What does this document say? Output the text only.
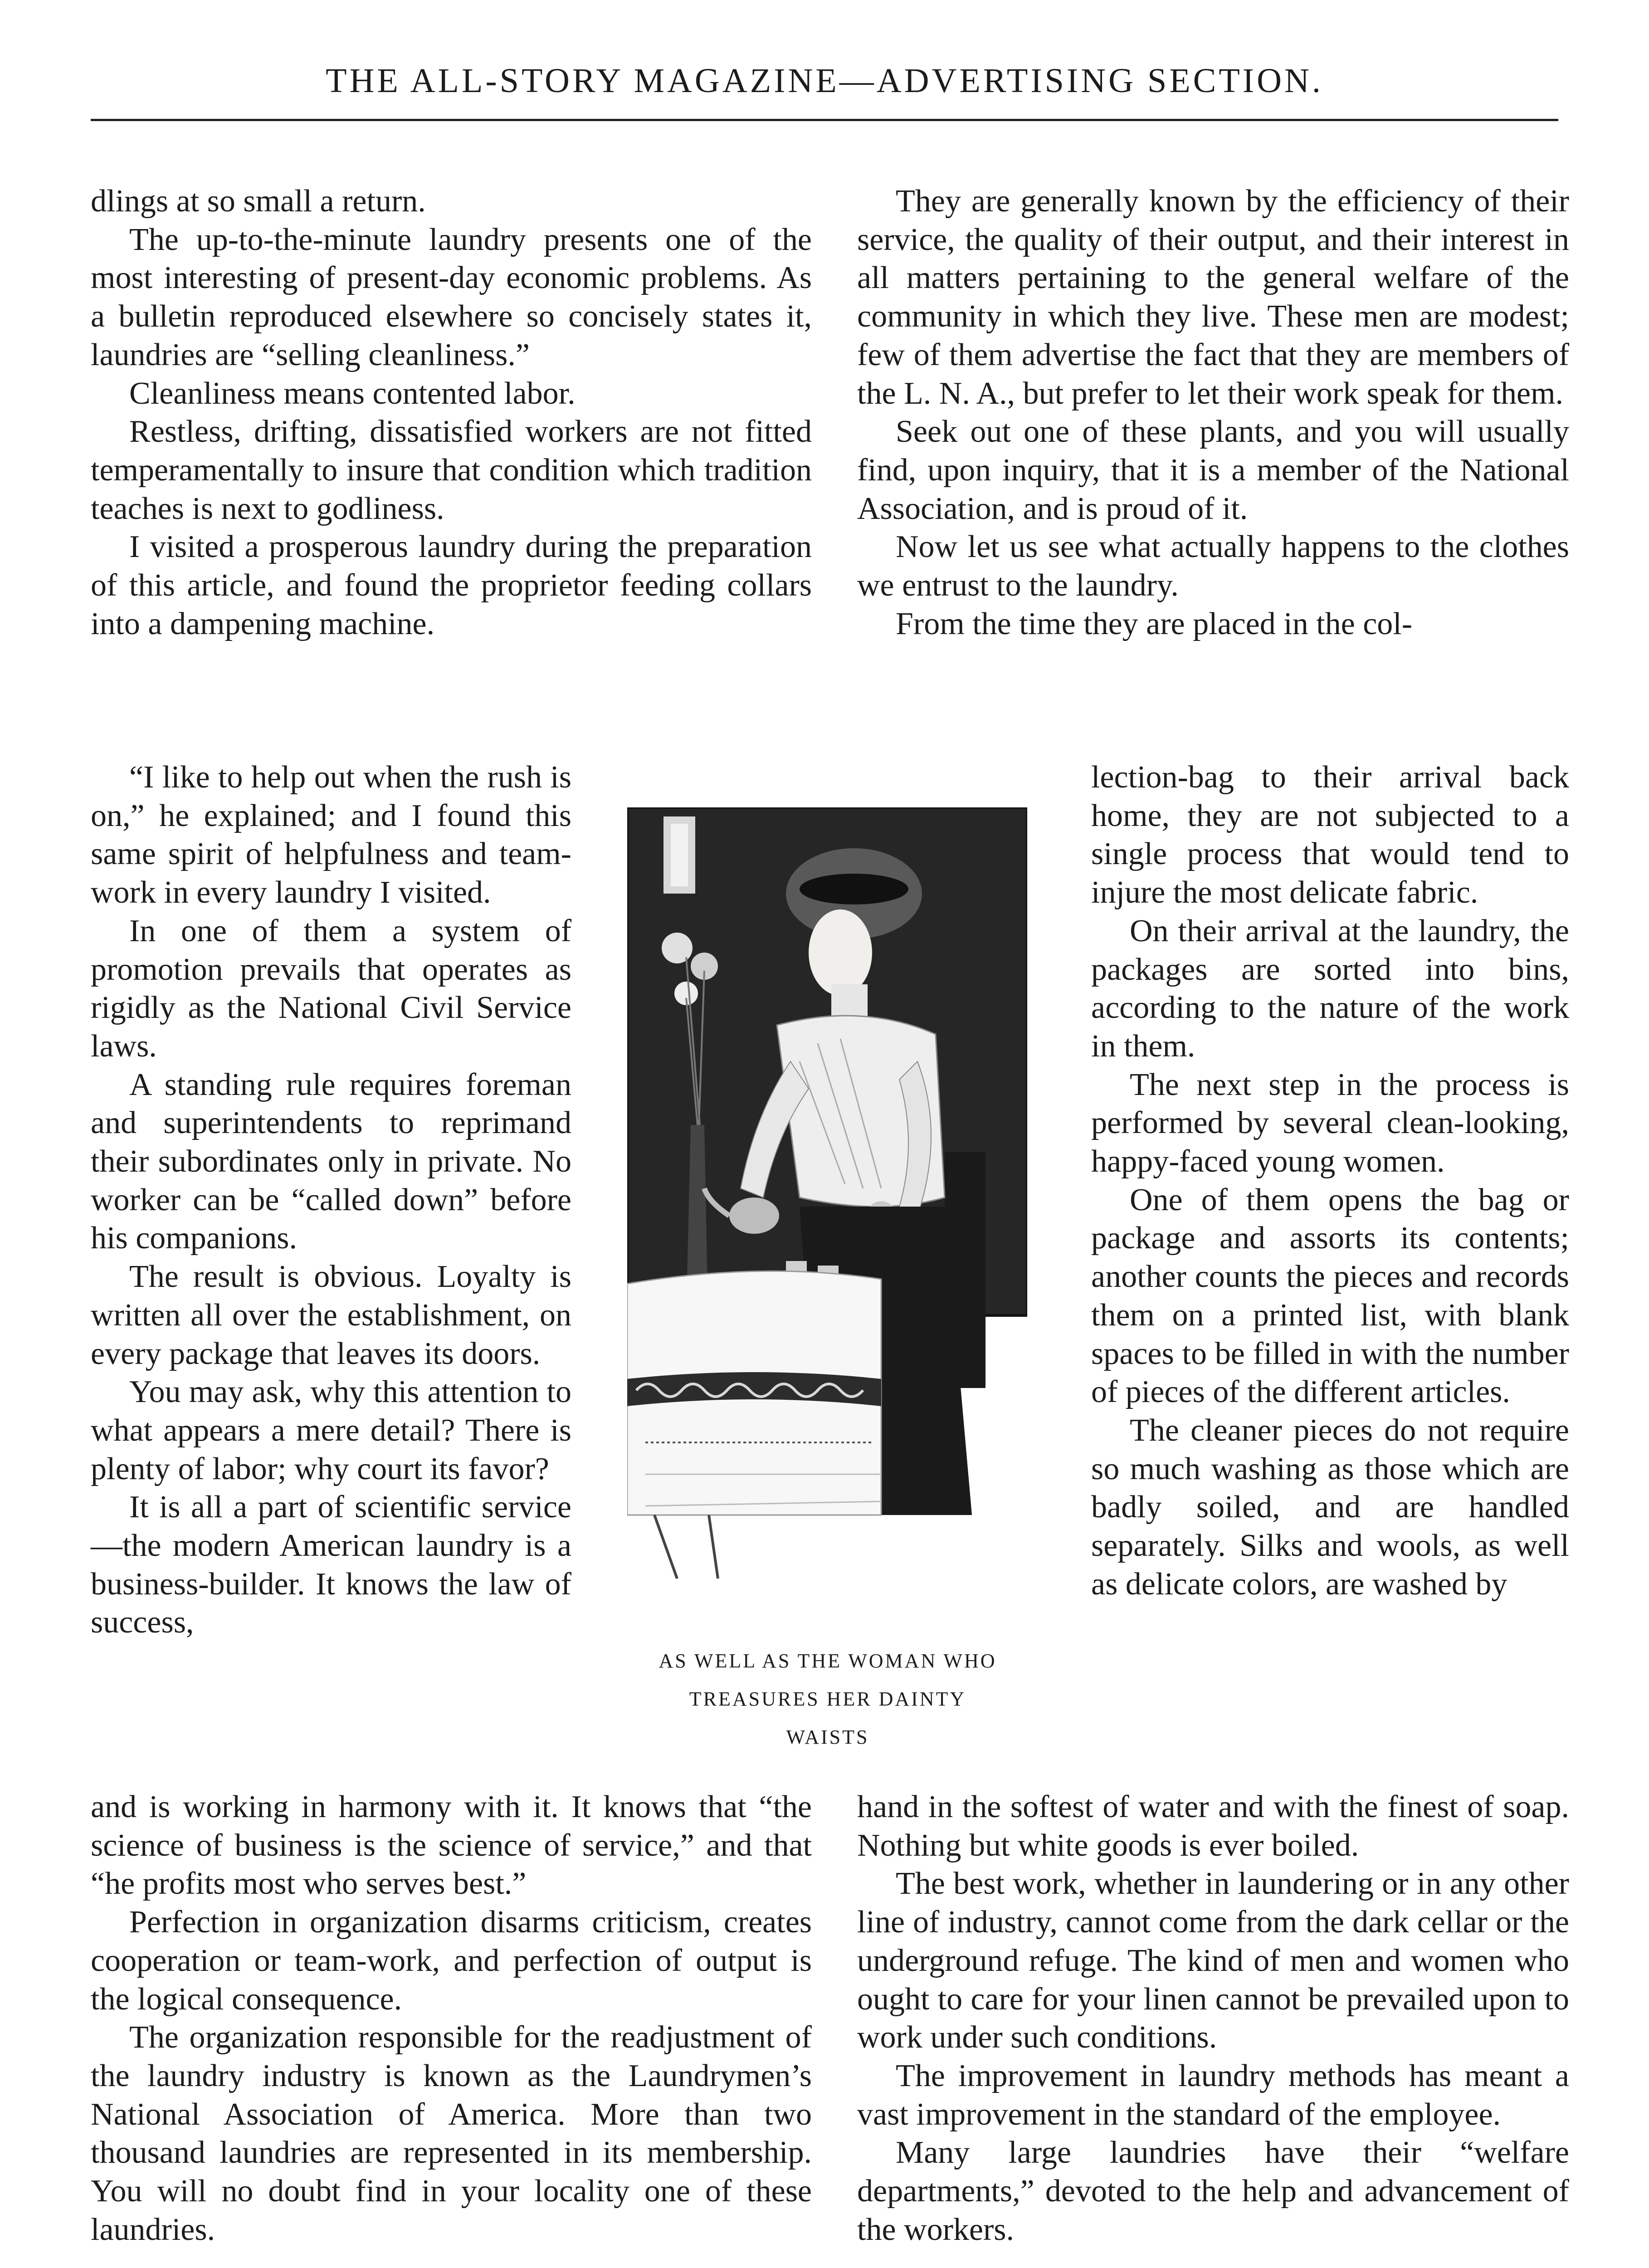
THE ALL-STORY MAGAZINE—ADVERTISING SECTION.

dlings at so small a return.

The up-to-the-minute laundry presents one of the most interesting of present-day economic problems. As a bulletin reproduced elsewhere so concisely states it, laundries are “selling cleanliness.”

Cleanliness means contented labor.

Restless, drifting, dissatisfied workers are not fitted temperamentally to insure that condition which tradition teaches is next to godliness.

I visited a prosperous laundry during the preparation of this article, and found the proprietor feeding collars into a dampening machine.

“I like to help out when the rush is on,” he explained; and I found this same spirit of helpfulness and team-work in every laundry I visited.

In one of them a system of promotion prevails that operates as rigidly as the National Civil Service laws.

A standing rule requires foreman and superintendents to reprimand their subordinates only in private. No worker can be “called down” before his companions.

The result is obvious. Loyalty is written all over the establishment, on every package that leaves its doors.

You may ask, why this attention to what appears a mere detail? There is plenty of labor; why court its favor?

It is all a part of scientific service—the modern American laundry is a business-builder. It knows the law of success,

and is working in harmony with it. It knows that “the science of business is the science of service,” and that “he profits most who serves best.”

Perfection in organization disarms criticism, creates cooperation or team-work, and perfection of output is the logical consequence.

The organization responsible for the readjustment of the laundry industry is known as the Laundrymen’s National Association of America. More than two thousand laundries are represented in its membership. You will no doubt find in your locality one of these laundries.

They are generally known by the efficiency of their service, the quality of their output, and their interest in all matters pertaining to the general welfare of the community in which they live. These men are modest; few of them advertise the fact that they are members of the L. N. A., but prefer to let their work speak for them.

Seek out one of these plants, and you will usually find, upon inquiry, that it is a member of the National Association, and is proud of it.

Now let us see what actually happens to the clothes we entrust to the laundry.

From the time they are placed in the col-

lection-bag to their arrival back home, they are not subjected to a single process that would tend to injure the most delicate fabric.

On their arrival at the laundry, the packages are sorted into bins, according to the nature of the work in them.

The next step in the process is performed by several clean-looking, happy-faced young women.

One of them opens the bag or package and assorts its contents; another counts the pieces and records them on a printed list, with blank spaces to be filled in with the number of pieces of the different articles.

The cleaner pieces do not require so much washing as those which are badly soiled, and are handled separately. Silks and wools, as well as delicate colors, are washed by

hand in the softest of water and with the finest of soap. Nothing but white goods is ever boiled.

The best work, whether in laundering or in any other line of industry, cannot come from the dark cellar or the underground refuge. The kind of men and women who ought to care for your linen cannot be prevailed upon to work under such conditions.

The improvement in laundry methods has meant a vast improvement in the standard of the employee.

Many large laundries have their “welfare departments,” devoted to the help and advancement of the workers.

AS WELL AS THE WOMAN WHO
TREASURES HER DAINTY
WAISTS
